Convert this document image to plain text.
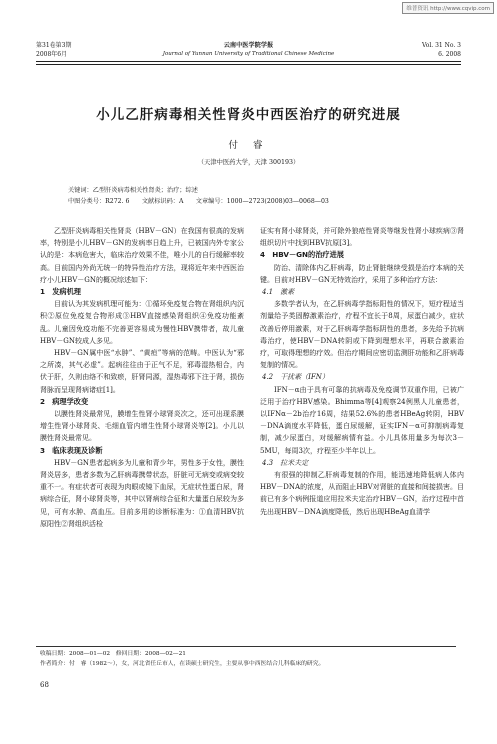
维普资讯 http://www.cqvip.com
第31卷第3期
2008年6月
云南中医学院学报
Journal of Yunnan University of Traditional Chinese Medicine
Vol. 31 No. 3
6. 2008
小儿乙肝病毒相关性肾炎中西医治疗的研究进展
付 睿
（天津中医药大学，天津 300193）
关键词：乙型肝炎病毒相关性肾炎；治疗；综述
中图分类号：R272. 6　　文献标识码：A　　文章编号：1000—2723(2008)03—0068—03
乙型肝炎病毒相关性肾炎（HBV－GN）在我国有很高的发病率，特别是小儿HBV－GN的发病率日趋上升，已被国内外专家公认的是：本病危害大，临床治疗效果不佳，唯小儿的自行缓解率较高。目前国内外尚无统一的特异性治疗方法，现将近年来中西医治疗小儿HBV－GN的概况综述如下：
1　发病机理
目前认为其发病机理可能为：①循环免疫复合物在肾组织内沉积②原位免疫复合物形成③HBV直接感染肾组织④免疫功能紊乱。儿童因免疫功能不完善更容易成为慢性HBV携带者，故儿童HBV－GN较成人多见。
HBV－GN属中医“水肿”、“黄疸”等病的范畴。中医认为“邪之所凑，其气必虚”。起病往往由于正气不足，邪毒湿热相合，内伏于肝，久则由络不和致瘀，肝肾同源，湿热毒邪下注于肾，损伤肾脉而呈现肾病诸症[1]。
2　病理学改变
以膜性肾炎最常见，膜增生性肾小球肾炎次之，还可出现系膜增生性肾小球肾炎、毛细血管内增生性肾小球肾炎等[2]。小儿以膜性肾炎最常见。
3　临床表现及诊断
HBV－GN患者起病多为儿童和青少年，男性多于女性，膜性肾炎居多，患者多数为乙肝病毒携带状态，肝脏可无病变或病变较重不一。有症状者可表现为肉眼或镜下血尿，无症状性蛋白尿，肾病综合征，肾小球肾炎等，其中以肾病综合征和大量蛋白尿较为多见，可有水肿、高血压。目前多用的诊断标准为：①血清HBV抗原阳性②肾组织活检
证实有肾小球肾炎，并可除外狼疮性肾炎等继发性肾小球疾病③肾组织切片中找到HBV抗原[3]。
4　HBV－GN的治疗进展
防治、清除体内乙肝病毒，防止肾脏继续受损是治疗本病的关键。目前对HBV－GN无特效治疗，采用了多种治疗方法：
4.1　激素
多数学者认为，在乙肝病毒学指标阳性的情况下，短疗程适当剂量给予类固醇激素治疗，疗程不宜长于8周，尿蛋白减少，症状改善后停用激素，对于乙肝病毒学指标阴性的患者，多先给予抗病毒治疗，使HBV－DNA转阴或下降到理想水平，再联合激素治疗，可取得理想的疗效。但治疗期间应密切监测肝功能和乙肝病毒复制的情况。
4.2　干扰素（IFN）
IFN－α由于具有可靠的抗病毒及免疫调节双重作用，已被广泛用于治疗HBV感染。Bhimma等[4]观察24例黑人儿童患者，以IFNα－2b治疗16周，结果52.6%的患者HBeAg转阴，HBV－DNA滴度水平降低，蛋白尿缓解，证实IFN－α可抑制病毒复制，减少尿蛋白，对缓解病情有益。小儿具体用量多为每次3－5MU，每周3次，疗程至少半年以上。
4.3　拉米夫定
有很强的抑制乙肝病毒复制的作用，能迅速地降低病人体内HBV－DNA的浓度，从而阻止HBV对肾脏的直接和间接损害。目前已有多个病例报道应用拉米夫定治疗HBV－GN，治疗过程中首先出现HBV－DNA滴度降低，然后出现HBeAg血清学
收稿日期：2008—01—02　修回日期：2008—02—21
作者简介：付　睿（1982～），女，河北省任丘市人，在读硕士研究生，主要从事中西医结合儿科临床的研究。
68
